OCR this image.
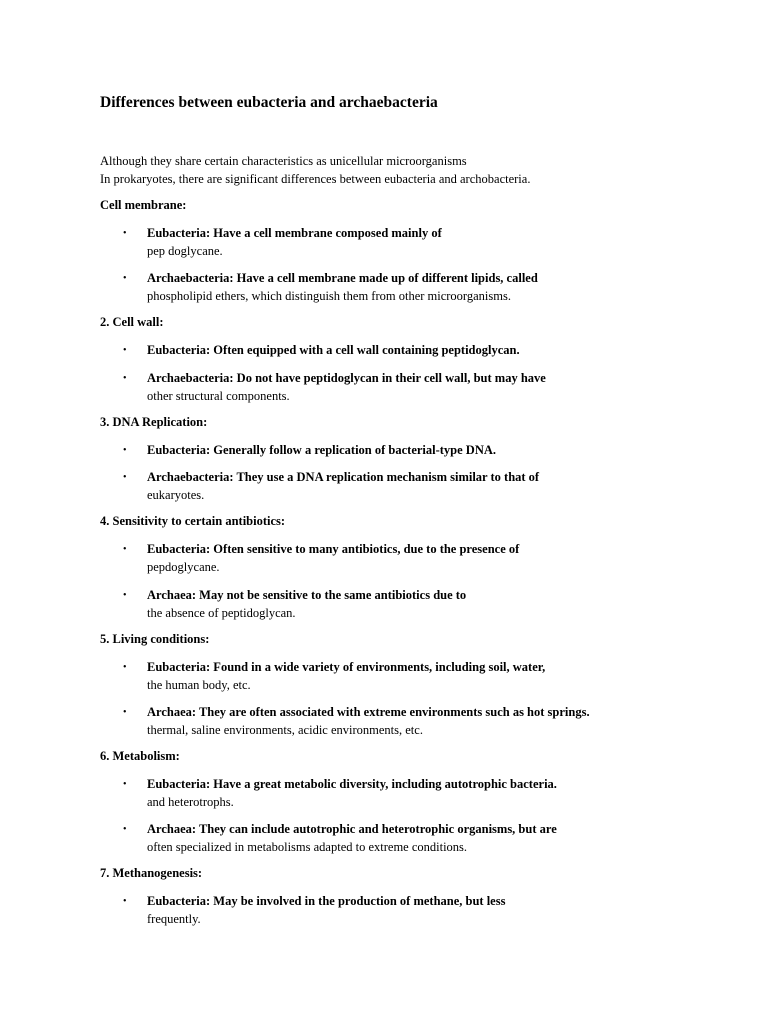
Differences between eubacteria and archaebacteria

Although they share certain characteristics as unicellular microorganisms
In prokaryotes, there are significant differences between eubacteria and archobacteria.

Cell membrane:

•	Eubacteria: Have a cell membrane composed mainly of
pep doglycane.

•	Archaebacteria: Have a cell membrane made up of different lipids, called
phospholipid ethers, which distinguish them from other microorganisms.

2. Cell wall:

•	Eubacteria: Often equipped with a cell wall containing peptidoglycan.

•	Archaebacteria: Do not have peptidoglycan in their cell wall, but may have
other structural components.

3. DNA Replication:

•	Eubacteria: Generally follow a replication of bacterial-type DNA.

•	Archaebacteria: They use a DNA replication mechanism similar to that of
eukaryotes.

4. Sensitivity to certain antibiotics:

•	Eubacteria: Often sensitive to many antibiotics, due to the presence of
pepdoglycane.

•	Archaea: May not be sensitive to the same antibiotics due to
the absence of peptidoglycan.

5. Living conditions:

•	Eubacteria: Found in a wide variety of environments, including soil, water,
the human body, etc.

•	Archaea: They are often associated with extreme environments such as hot springs.
thermal, saline environments, acidic environments, etc.

6. Metabolism:

•	Eubacteria: Have a great metabolic diversity, including autotrophic bacteria.
and heterotrophs.

•	Archaea: They can include autotrophic and heterotrophic organisms, but are
often specialized in metabolisms adapted to extreme conditions.

7. Methanogenesis:

•	Eubacteria: May be involved in the production of methane, but less
frequently.
